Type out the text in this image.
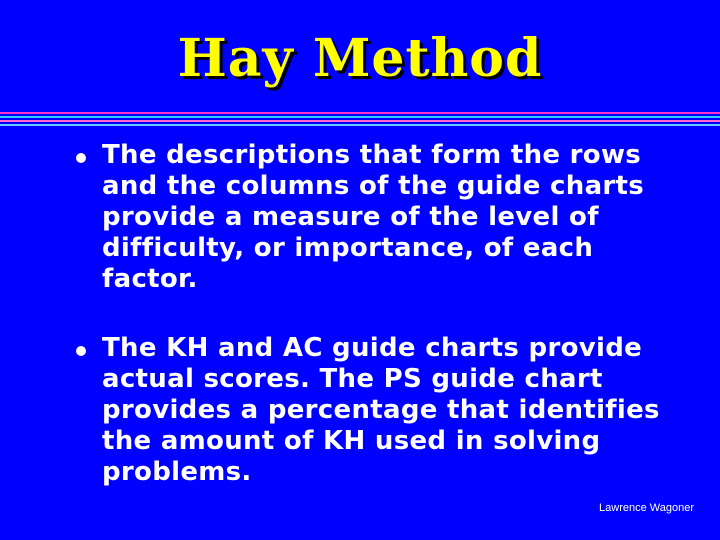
Hay Method
The descriptions that form the rows and the columns of the guide charts provide a measure of the level of difficulty, or importance, of each factor.
The KH and AC guide charts provide actual scores. The PS guide chart provides a percentage that identifies the amount of KH used in solving problems.
Lawrence Wagoner
